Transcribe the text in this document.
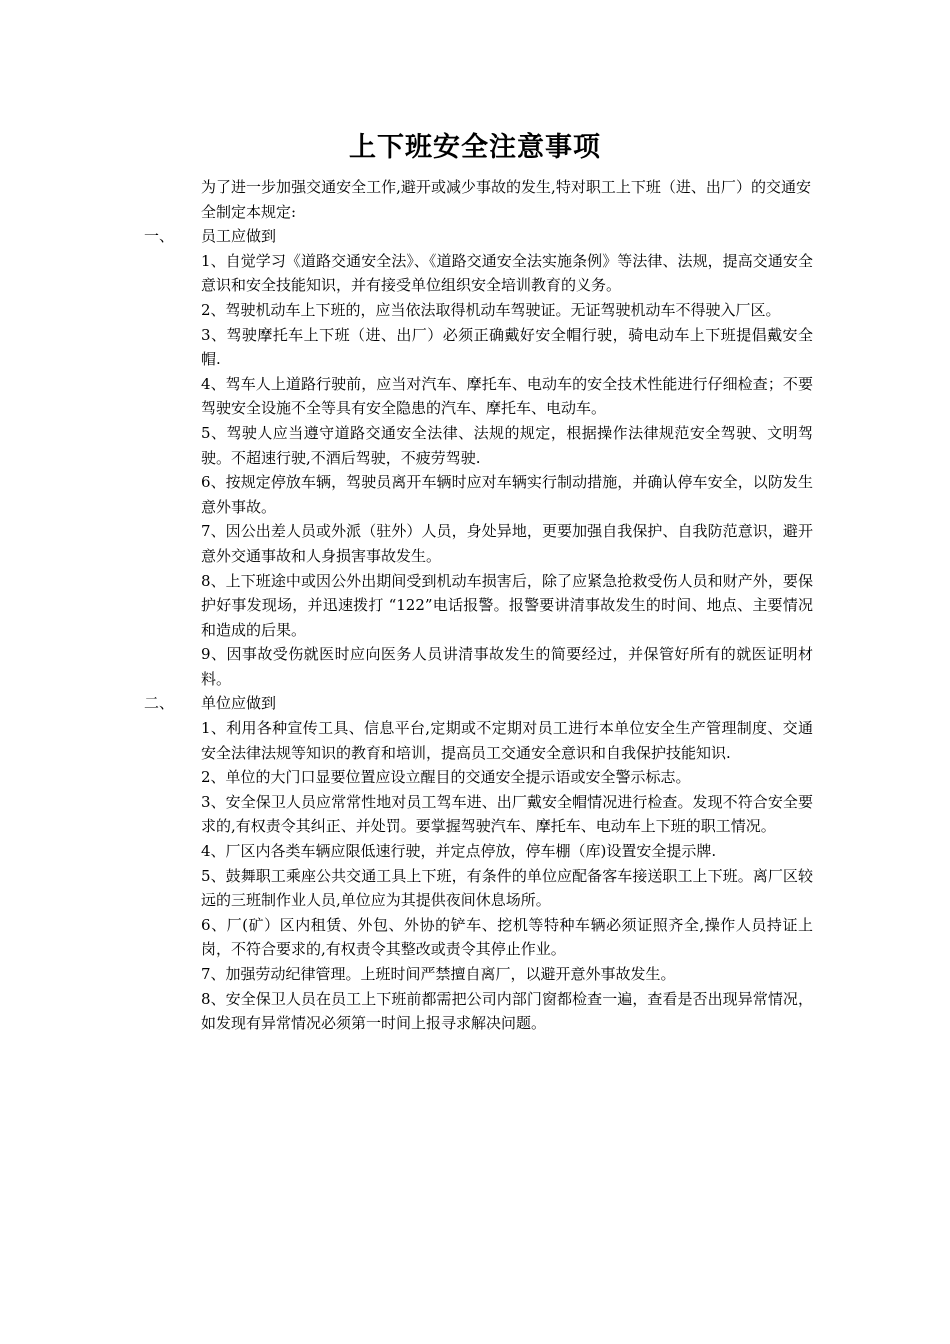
上下班安全注意事项
为了进一步加强交通安全工作,避开或减少事故的发生,特对职工上下班（进、出厂）的交通安全制定本规定:
一、	员工应做到
1、自觉学习《道路交通安全法》、《道路交通安全法实施条例》等法律、法规，提高交通安全意识和安全技能知识，并有接受单位组织安全培训教育的义务。
2、驾驶机动车上下班的，应当依法取得机动车驾驶证。无证驾驶机动车不得驶入厂区。
3、驾驶摩托车上下班（进、出厂）必须正确戴好安全帽行驶，骑电动车上下班提倡戴安全帽.
4、驾车人上道路行驶前，应当对汽车、摩托车、电动车的安全技术性能进行仔细检查；不要驾驶安全设施不全等具有安全隐患的汽车、摩托车、电动车。
5、驾驶人应当遵守道路交通安全法律、法规的规定，根据操作法律规范安全驾驶、文明驾驶。不超速行驶,不酒后驾驶，不疲劳驾驶.
6、按规定停放车辆，驾驶员离开车辆时应对车辆实行制动措施，并确认停车安全，以防发生意外事故。
7、因公出差人员或外派（驻外）人员，身处异地，更要加强自我保护、自我防范意识，避开意外交通事故和人身损害事故发生。
8、上下班途中或因公外出期间受到机动车损害后，除了应紧急抢救受伤人员和财产外，要保护好事发现场，并迅速拨打 “122”电话报警。报警要讲清事故发生的时间、地点、主要情况和造成的后果。
9、因事故受伤就医时应向医务人员讲清事故发生的简要经过，并保管好所有的就医证明材料。
二、	单位应做到
1、利用各种宣传工具、信息平台,定期或不定期对员工进行本单位安全生产管理制度、交通安全法律法规等知识的教育和培训，提高员工交通安全意识和自我保护技能知识.
2、单位的大门口显要位置应设立醒目的交通安全提示语或安全警示标志。
3、安全保卫人员应常常性地对员工驾车进、出厂戴安全帽情况进行检查。发现不符合安全要求的,有权责令其纠正、并处罚。要掌握驾驶汽车、摩托车、电动车上下班的职工情况。
4、厂区内各类车辆应限低速行驶，并定点停放，停车棚（库)设置安全提示牌.
5、鼓舞职工乘座公共交通工具上下班，有条件的单位应配备客车接送职工上下班。离厂区较远的三班制作业人员,单位应为其提供夜间休息场所。
6、厂(矿）区内租赁、外包、外协的铲车、挖机等特种车辆必须证照齐全,操作人员持证上岗，不符合要求的,有权责令其整改或责令其停止作业。
7、加强劳动纪律管理。上班时间严禁擅自离厂，以避开意外事故发生。
8、安全保卫人员在员工上下班前都需把公司内部门窗都检查一遍，查看是否出现异常情况，如发现有异常情况必须第一时间上报寻求解决问题。
